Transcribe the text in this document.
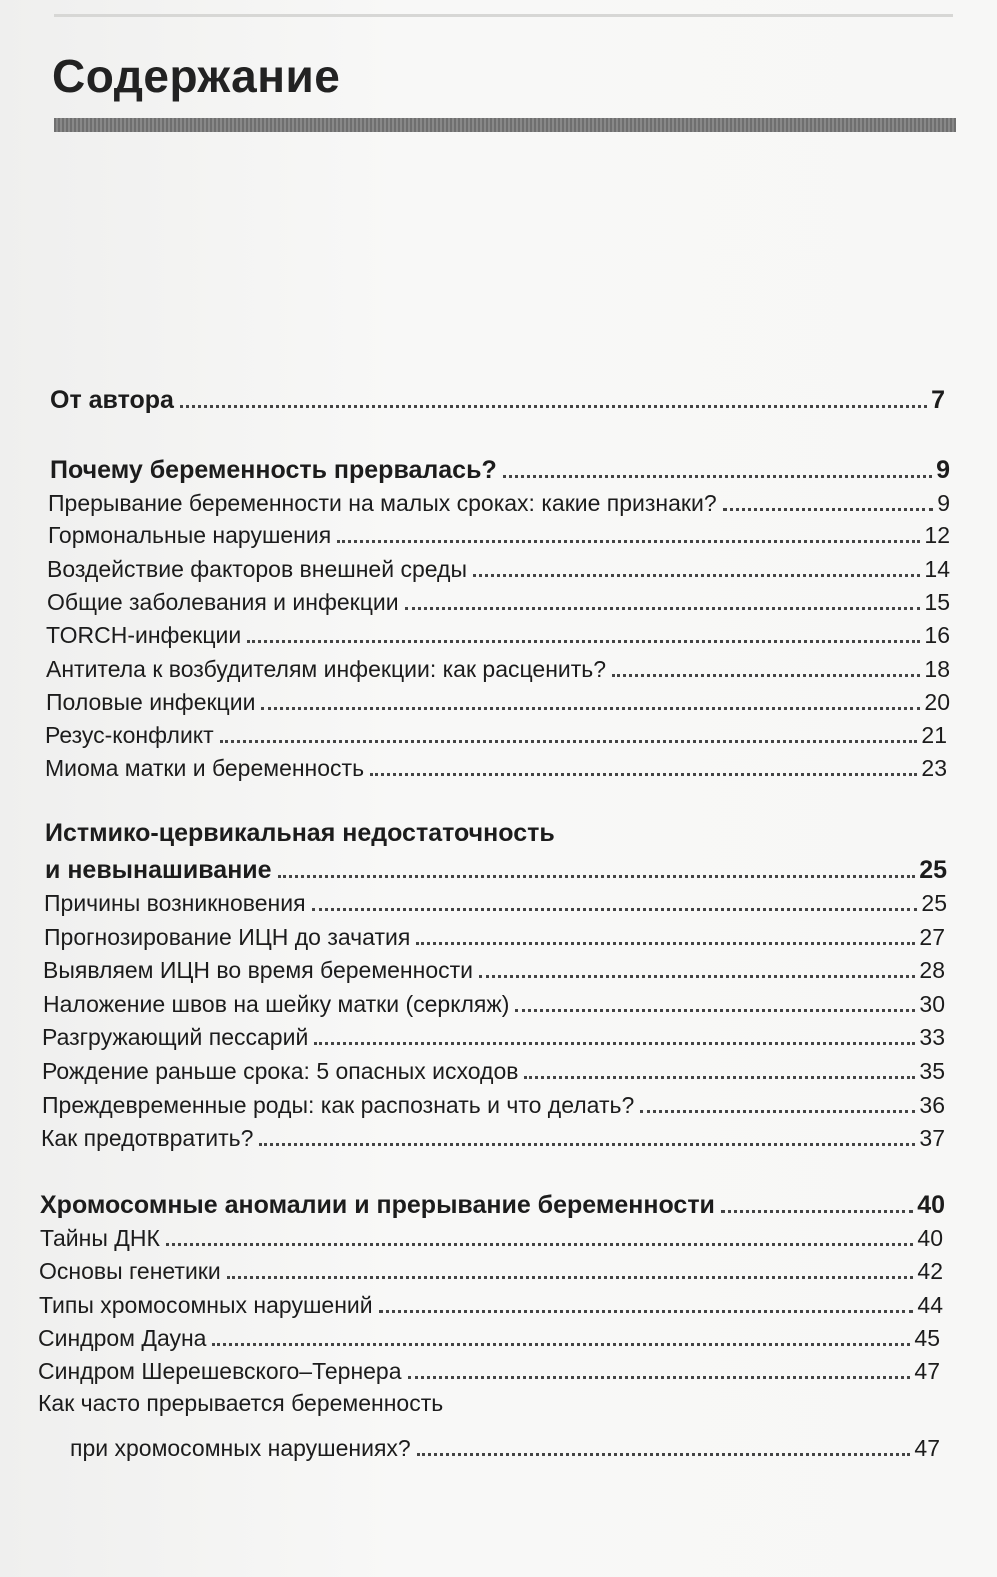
Содержание
От автора	7
Почему беременность прервалась?	9
Прерывание беременности на малых сроках: какие признаки?	9
Гормональные нарушения	12
Воздействие факторов внешней среды	14
Общие заболевания и инфекции	15
TORCH-инфекции	16
Антитела к возбудителям инфекции: как расценить?	18
Половые инфекции	20
Резус-конфликт	21
Миома матки и беременность	23
Истмико-цервикальная недостаточность
и невынашивание	25
Причины возникновения	25
Прогнозирование ИЦН до зачатия	27
Выявляем ИЦН во время беременности	28
Наложение швов на шейку матки (серкляж)	30
Разгружающий пессарий	33
Рождение раньше срока: 5 опасных исходов	35
Преждевременные роды: как распознать и что делать?	36
Как предотвратить?	37
Хромосомные аномалии и прерывание беременности	40
Тайны ДНК	40
Основы генетики	42
Типы хромосомных нарушений	44
Синдром Дауна	45
Синдром Шерешевского–Тернера	47
Как часто прерывается беременность
при хромосомных нарушениях?	47
